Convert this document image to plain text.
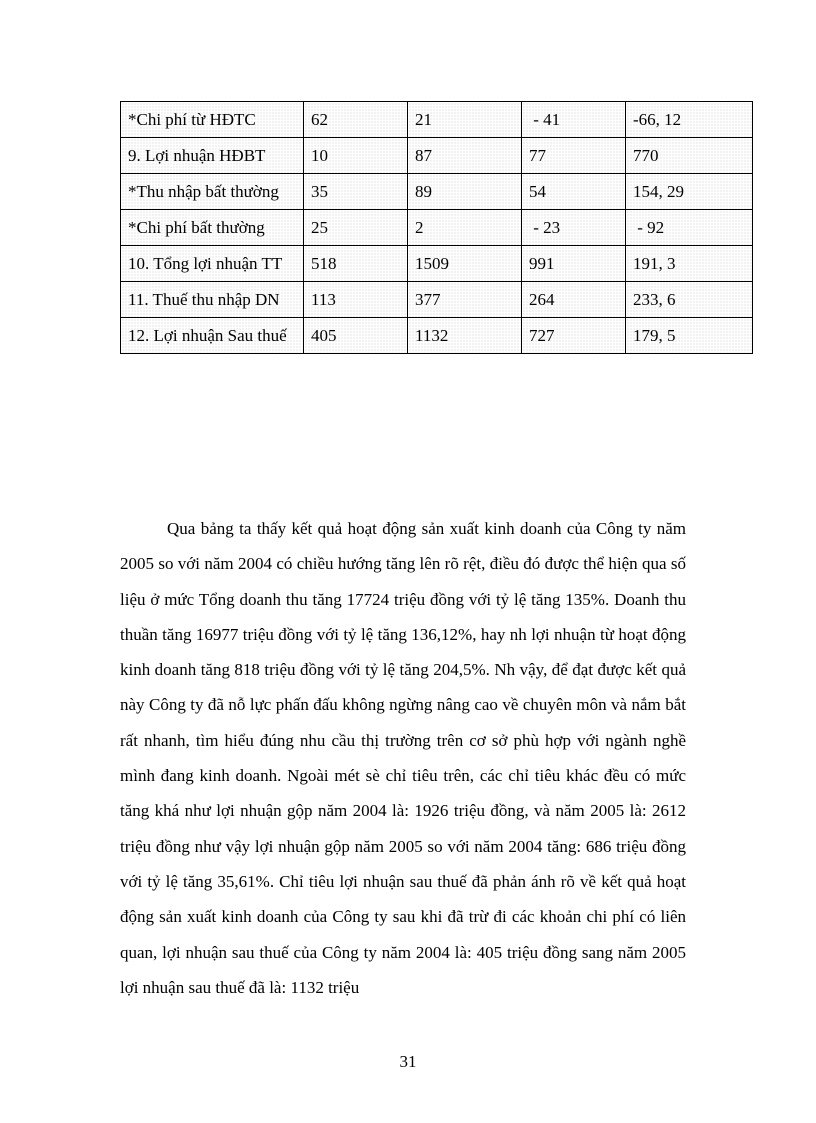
*Chi phí từ HĐTC	62	21	- 41	-66, 12
9. Lợi nhuận HĐBT	10	87	77	770
*Thu nhập bất thường	35	89	54	154, 29
*Chi phí bất thường	25	2	- 23	- 92
10. Tổng lợi nhuận TT	518	1509	991	191, 3
11. Thuế thu nhập DN	113	377	264	233, 6
12. Lợi nhuận Sau thuế	405	1132	727	179, 5

Qua bảng ta thấy kết quả hoạt động sản xuất kinh doanh của Công ty năm 2005 so với năm 2004 có chiều hướng tăng lên rõ rệt, điều đó được thể hiện qua số liệu ở mức Tổng doanh thu tăng 17724 triệu đồng với tỷ lệ tăng 135%. Doanh thu thuần tăng 16977 triệu đồng với tỷ lệ tăng 136,12%, hay nh lợi nhuận từ hoạt động kinh doanh tăng 818 triệu đồng với tỷ lệ tăng 204,5%. Nh vậy, để đạt được kết quả này Công ty đã nỗ lực phấn đấu không ngừng nâng cao về chuyên môn và nắm bắt rất nhanh, tìm hiểu đúng nhu cầu thị trường trên cơ sở phù hợp với ngành nghề mình đang kinh doanh. Ngoài mét sè chỉ tiêu trên, các chỉ tiêu khác đều có mức tăng khá như lợi nhuận gộp năm 2004 là: 1926 triệu đồng, và năm 2005 là: 2612 triệu đồng như vậy lợi nhuận gộp năm 2005 so với năm 2004 tăng: 686 triệu đồng với tỷ lệ tăng 35,61%. Chỉ tiêu lợi nhuận sau thuế đã phản ánh rõ về kết quả hoạt động sản xuất kinh doanh của Công ty sau khi đã trừ đi các khoản chi phí có liên quan, lợi nhuận sau thuế của Công ty năm 2004 là: 405 triệu đồng sang năm 2005 lợi nhuận sau thuế đã là: 1132 triệu

31
